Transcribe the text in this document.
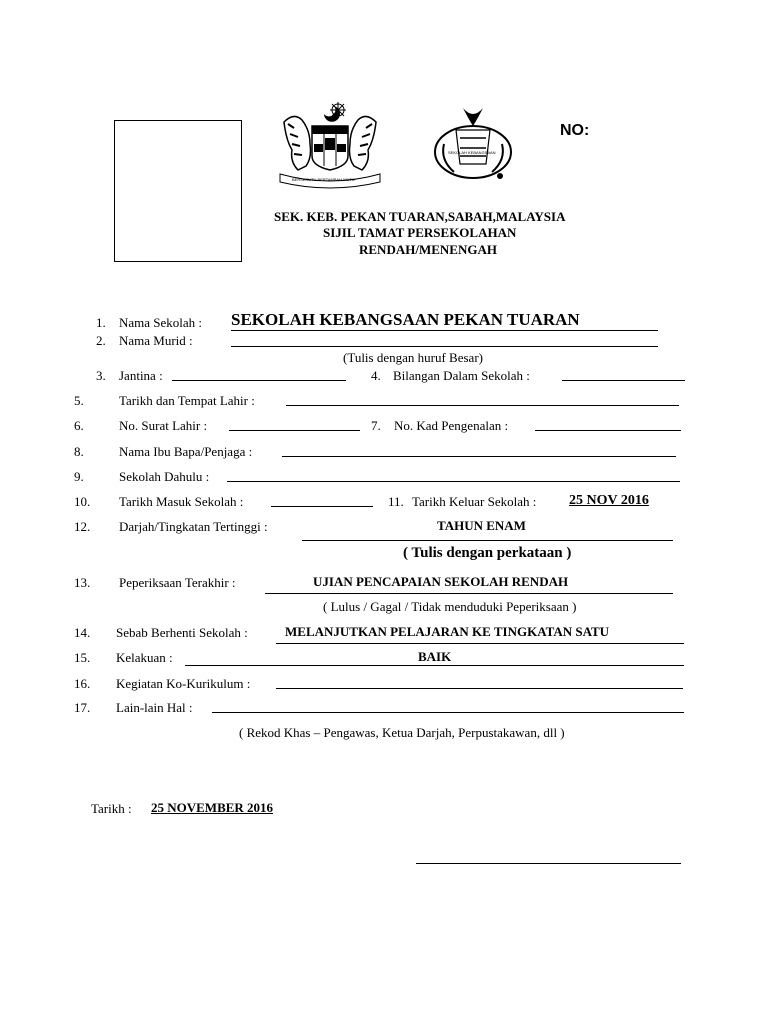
BERSEKUTU BERTAMBAH MUTU
SEKOLAH KEBANGSAAN
NO:
SEK. KEB. PEKAN TUARAN,SABAH,MALAYSIA
SIJIL TAMAT PERSEKOLAHAN
RENDAH/MENENGAH
1. Nama Sekolah : SEKOLAH KEBANGSAAN PEKAN TUARAN
2. Nama Murid :
(Tulis dengan huruf Besar)
3. Jantina :	4. Bilangan Dalam Sekolah :
5.	Tarikh dan Tempat Lahir :
6.	No. Surat Lahir :	7. No. Kad Pengenalan :
8.	Nama Ibu Bapa/Penjaga :
9.	Sekolah Dahulu :
10. Tarikh Masuk Sekolah :	11. Tarikh Keluar Sekolah : 25 NOV 2016
12. Darjah/Tingkatan Tertinggi :	TAHUN ENAM
( Tulis dengan perkataan )
13. Peperiksaan Terakhir :	UJIAN PENCAPAIAN SEKOLAH RENDAH
( Lulus / Gagal / Tidak menduduki Peperiksaan )
14. Sebab Berhenti Sekolah :	MELANJUTKAN PELAJARAN KE TINGKATAN SATU
15. Kelakuan :	BAIK
16. Kegiatan Ko-Kurikulum :
17. Lain-lain Hal :
( Rekod Khas – Pengawas, Ketua Darjah, Perpustakawan, dll )
Tarikh : 25 NOVEMBER 2016
